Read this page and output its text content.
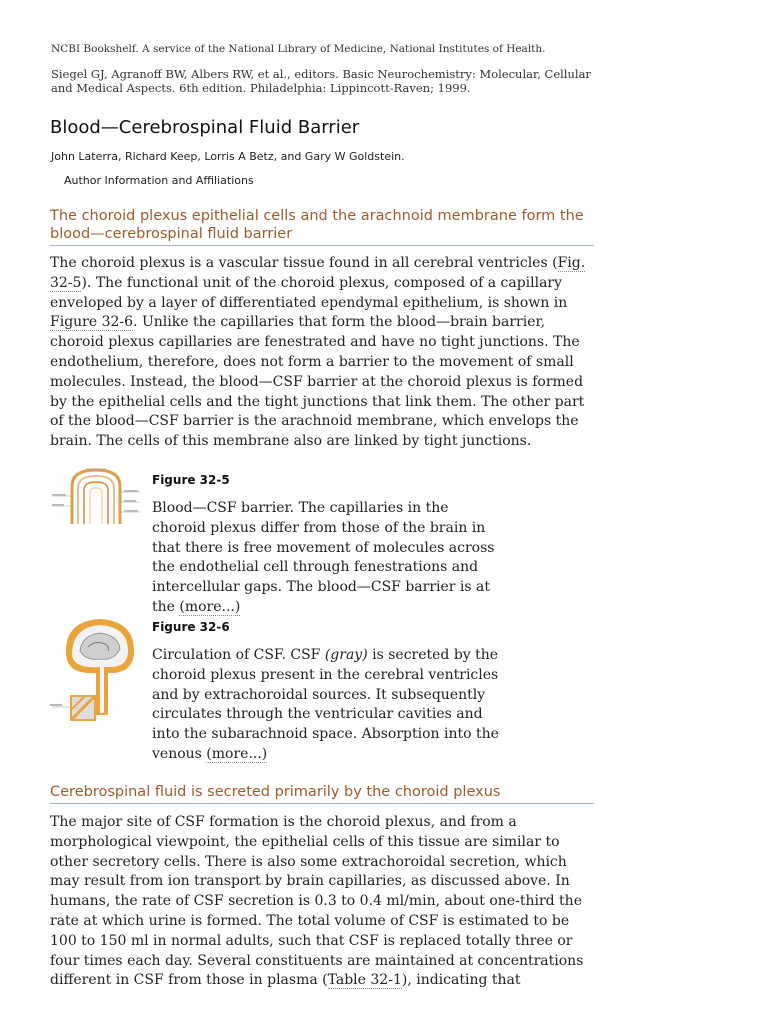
NCBI Bookshelf. A service of the National Library of Medicine, National Institutes of Health.
Siegel GJ, Agranoff BW, Albers RW, et al., editors. Basic Neurochemistry: Molecular, Cellular and Medical Aspects. 6th edition. Philadelphia: Lippincott-Raven; 1999.
Blood—Cerebrospinal Fluid Barrier
John Laterra, Richard Keep, Lorris A Betz, and Gary W Goldstein.
Author Information and Affiliations
The choroid plexus epithelial cells and the arachnoid membrane form the blood—cerebrospinal fluid barrier
The choroid plexus is a vascular tissue found in all cerebral ventricles (Fig. 32-5). The functional unit of the choroid plexus, composed of a capillary enveloped by a layer of differentiated ependymal epithelium, is shown in Figure 32-6. Unlike the capillaries that form the blood—brain barrier, choroid plexus capillaries are fenestrated and have no tight junctions. The endothelium, therefore, does not form a barrier to the movement of small molecules. Instead, the blood—CSF barrier at the choroid plexus is formed by the epithelial cells and the tight junctions that link them. The other part of the blood—CSF barrier is the arachnoid membrane, which envelops the brain. The cells of this membrane also are linked by tight junctions.
Figure 32-5
Blood—CSF barrier. The capillaries in the choroid plexus differ from those of the brain in that there is free movement of molecules across the endothelial cell through fenestrations and intercellular gaps. The blood—CSF barrier is at the (more...)
Figure 32-6
Circulation of CSF. CSF (gray) is secreted by the choroid plexus present in the cerebral ventricles and by extrachoroidal sources. It subsequently circulates through the ventricular cavities and into the subarachnoid space. Absorption into the venous (more...)
Cerebrospinal fluid is secreted primarily by the choroid plexus
The major site of CSF formation is the choroid plexus, and from a morphological viewpoint, the epithelial cells of this tissue are similar to other secretory cells. There is also some extrachoroidal secretion, which may result from ion transport by brain capillaries, as discussed above. In humans, the rate of CSF secretion is 0.3 to 0.4 ml/min, about one-third the rate at which urine is formed. The total volume of CSF is estimated to be 100 to 150 ml in normal adults, such that CSF is replaced totally three or four times each day. Several constituents are maintained at concentrations different in CSF from those in plasma (Table 32-1), indicating that
